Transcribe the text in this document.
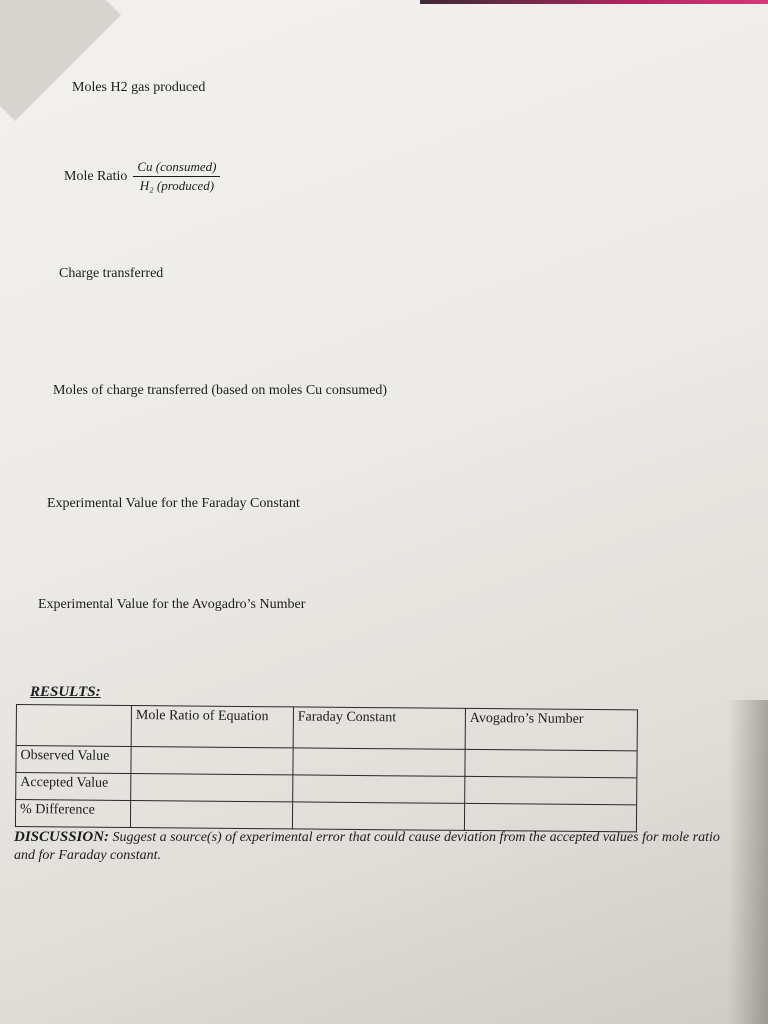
Moles H2 gas produced
Mole Ratio $\frac{\text{Cu (consumed)}}{\text{H₂ (produced)}}$
Charge transferred
Moles of charge transferred (based on moles Cu consumed)
Experimental Value for the Faraday Constant
Experimental Value for the Avogadro’s Number
RESULTS:
	Mole Ratio of Equation	Faraday Constant	Avogadro’s Number
Observed Value			
Accepted Value			
% Difference			
DISCUSSION: Suggest a source(s) of experimental error that could cause deviation from the accepted values for mole ratio and for Faraday constant.
